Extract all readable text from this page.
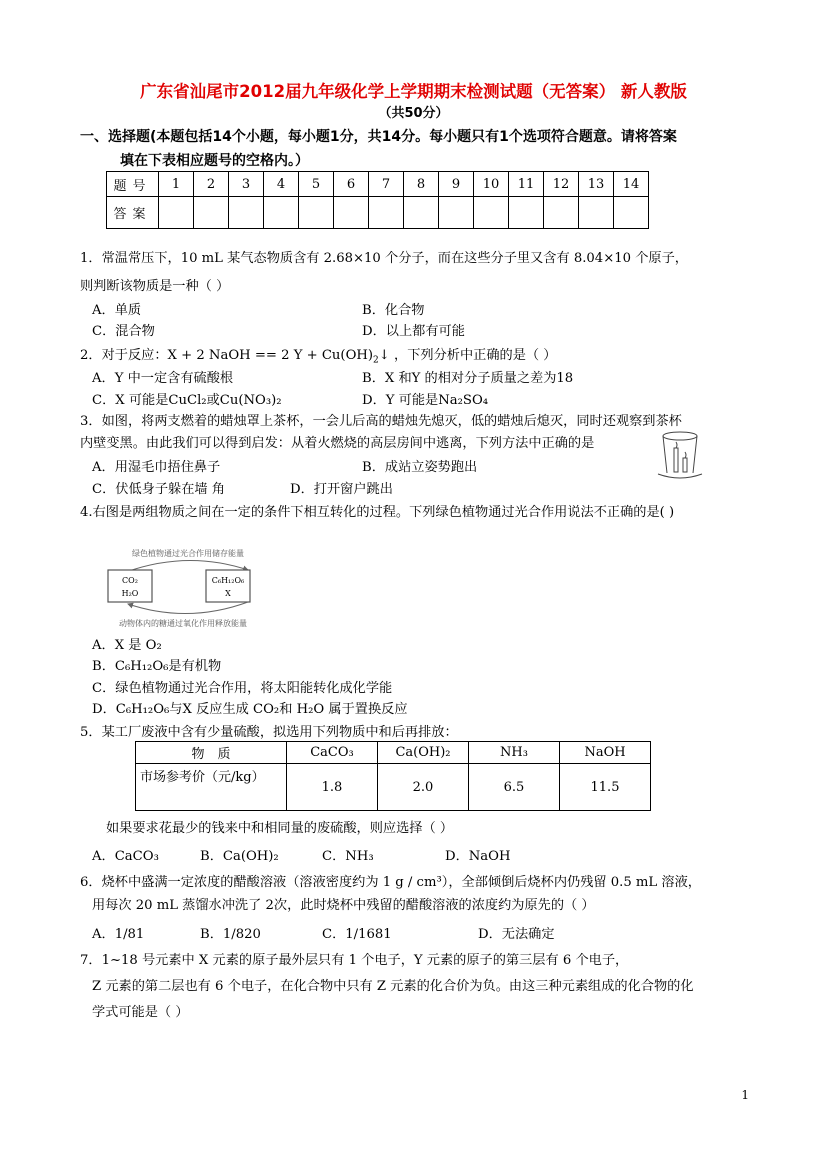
广东省汕尾市2012届九年级化学上学期期末检测试题（无答案） 新人教版
（共50分）
一、选择题(本题包括14个小题，每小题1分，共14分。每小题只有1个选项符合题意。请将答案
填在下表相应题号的空格内。）
题号	1	2	3	4	5	6	7	8	9	10	11	12	13	14
答案														
1．常温常压下，10 mL 某气态物质含有 2.68×10 个分子，而在这些分子里又含有 8.04×10 个原子，
则判断该物质是一种（ ）
A．单质	B．化合物
C．混合物	D．以上都有可能
2．对于反应：X + 2 NaOH == 2 $Y + Cu(OH)_2↓$ ，下列分析中正确的是（ ）
A．Y 中一定含有硫酸根	B．X 和Y 的相对分子质量之差为18
C．X 可能是CuCl₂或Cu(NO₃)₂	D．Y 可能是Na₂SO₄
3．如图，将两支燃着的蜡烛罩上茶杯，一会儿后高的蜡烛先熄灭，低的蜡烛后熄灭，同时还观察到茶杯
内壁变黑。由此我们可以得到启发：从着火燃烧的高层房间中逃离，下列方法中正确的是
A．用湿毛巾捂住鼻子	B．成站立姿势跑出
C．伏低身子躲在墙 角	D．打开窗户跳出
4.右图是两组物质之间在一定的条件下相互转化的过程。下列绿色植物通过光合作用说法不正确的是( )
绿色植物通过光合作用储存能量
CO₂
H₂O
C₆H₁₂O₆
X
动物体内的糖通过氧化作用释放能量
A．X 是 O₂
B．C₆H₁₂O₆是有机物
C．绿色植物通过光合作用，将太阳能转化成化学能
D．C₆H₁₂O₆与X 反应生成 CO₂和 H₂O 属于置换反应
5．某工厂废液中含有少量硫酸，拟选用下列物质中和后再排放：
物　质	CaCO₃	Ca(OH)₂	NH₃	NaOH
市场参考价（元/kg）	1.8	2.0	6.5	11.5
如果要求花最少的钱来中和相同量的废硫酸，则应选择（ ）
A．CaCO₃	B．Ca(OH)₂	C．NH₃	D．NaOH
6．烧杯中盛满一定浓度的醋酸溶液（溶液密度约为 1 g / cm³），全部倾倒后烧杯内仍残留 0.5 mL 溶液，
用每次 20 mL 蒸馏水冲洗了 2次，此时烧杯中残留的醋酸溶液的浓度约为原先的（ ）
A．1/81	B．1/820	C．1/1681	D．无法确定
7．1~18 号元素中 X 元素的原子最外层只有 1 个电子，Y 元素的原子的第三层有 6 个电子，
Z 元素的第二层也有 6 个电子，在化合物中只有 Z 元素的化合价为负。由这三种元素组成的化合物的化
学式可能是（ ）
1
